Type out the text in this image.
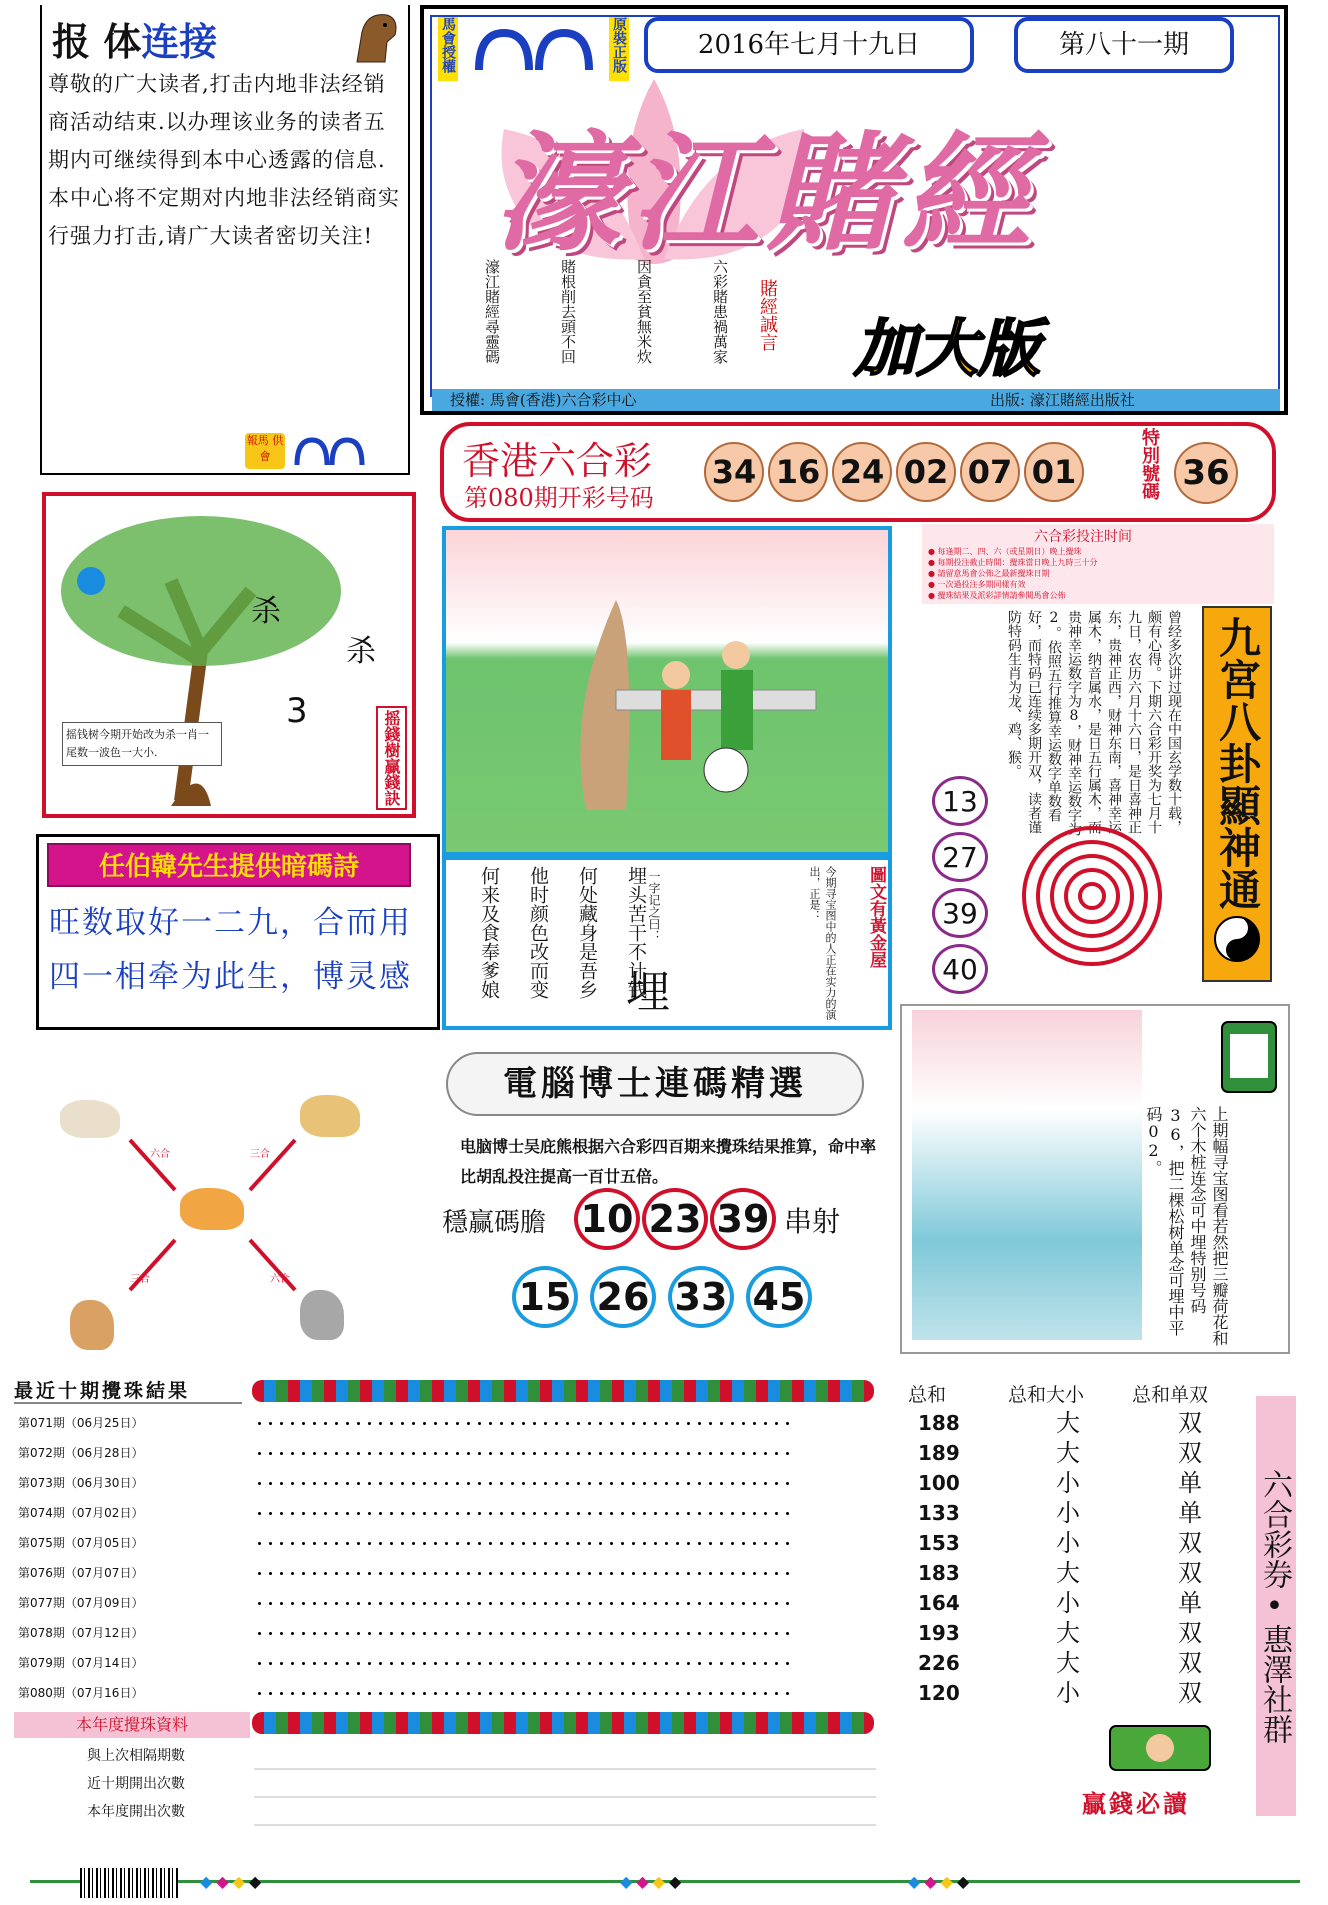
报 体连接
尊敬的广大读者,打击内地非法经销商活动结束.以办理该业务的读者五期内可继续得到本中心透露的信息.本中心将不定期对内地非法经销商实行强力打击,请广大读者密切关注!
報馬 供會
馬會授權	原裝正版	2016年七月十九日	第八十一期
濠江賭經
加大版
六彩賭患禍萬家
因貪至貧無米炊
賭根削去頭不回
濠江賭經尋靈碼	賭經誠言
授權: 馬會(香港)六合彩中心	出版: 濠江賭經出版社
香港六合彩
第080期开彩号码
34 16 24 02 07 01	特別號碼 36
杀
杀
3
摇钱树今期开始改为杀一肖一尾数一波色一大小.	摇錢樹贏錢訣
任伯韓先生提供暗碼詩
旺数取好一二九，合而用
四一相牵为此生，博灵感	埋头苦干不计钱
何处藏身是吾乡
他时颜色改而变
何来及食奉爹娘	一字记之曰：
埋	今期寻宝图中的人正在实力的演出，正是：	圖文有黃金屋
六合彩投注时间
● 每逢期二、四、六（或星期日）晚上攪珠
● 每期投注截止時間：攪珠當日晚上九時三十分
● 請留意馬會公佈之最新攪珠日期
● 一次過投注多期同樣有效
● 攪珠結果及派彩詳情請參閱馬會公佈
曾经多次讲过现在中国玄学数十载，颇有心得。下期六合彩开奖为七月十九日，农历六月十六日，是日喜神正东，贵神正西，财神东南，喜神幸运属木，纳音属水，是日五行属木，而贵神幸运数字为8，财神幸运数字为2。依照五行推算幸运数字单数看好，而特码已连续多期开双，读者谨防特码生肖为龙、鸡、猴。
13273940
九宮八卦顯神通
六合	三合
三合	六合
電腦博士連碼精選
电脑博士吴庇熊根据六合彩四百期来攪珠结果推算，命中率比胡乱投注提高一百廿五倍。
穩赢碼膽 10 23 39 串射
15 26 33 45	上期幅寻宝图看若然把三瓣荷花和六个木桩连念可中埋特别号码36，把二棵松树单念可埋中平码02。
最近十期攪珠結果
第071期（06月25日）
第072期（06月28日）
第073期（06月30日）
第074期（07月02日）
第075期（07月05日）
第076期（07月07日）
第077期（07月09日）
第078期（07月12日）
第079期（07月14日）
第080期（07月16日）
本年度攪珠資料
與上次相隔期數
近十期開出次數
本年度開出次數
总和	总和大小	总和单双
188	大	双
189	大	双
100	小	单
133	小	单
153	小	双
183	大	双
164	小	单
193	大	双
226	大	双
120	小	双 六合彩券•惠澤社群
贏錢必讀
◆◆◆◆	◆◆◆◆	◆◆◆◆
